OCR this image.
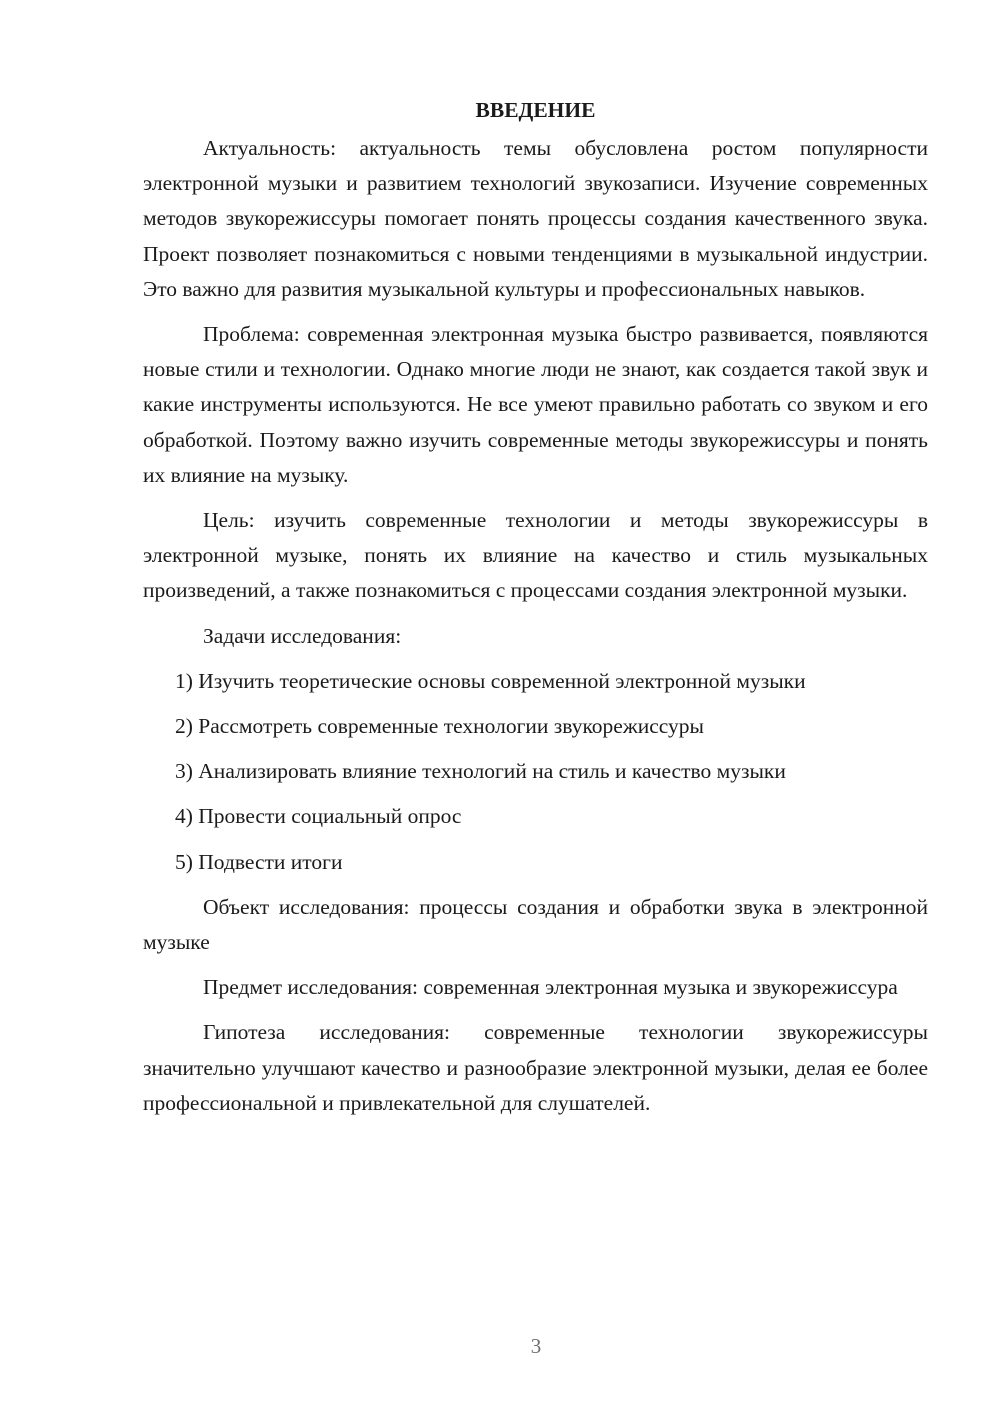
ВВЕДЕНИЕ

Актуальность: актуальность темы обусловлена ростом популярности электронной музыки и развитием технологий звукозаписи. Изучение современных методов звукорежиссуры помогает понять процессы создания качественного звука. Проект позволяет познакомиться с новыми тенденциями в музыкальной индустрии. Это важно для развития музыкальной культуры и профессиональных навыков.

Проблема: современная электронная музыка быстро развивается, появляются новые стили и технологии. Однако многие люди не знают, как создается такой звук и какие инструменты используются. Не все умеют правильно работать со звуком и его обработкой. Поэтому важно изучить современные методы звукорежиссуры и понять их влияние на музыку.

Цель: изучить современные технологии и методы звукорежиссуры в электронной музыке, понять их влияние на качество и стиль музыкальных произведений, а также познакомиться с процессами создания электронной музыки.

Задачи исследования:

1) Изучить теоретические основы современной электронной музыки
2) Рассмотреть современные технологии звукорежиссуры
3) Анализировать влияние технологий на стиль и качество музыки
4) Провести социальный опрос
5) Подвести итоги

Объект исследования: процессы создания и обработки звука в электронной музыке

Предмет исследования: современная электронная музыка и звукорежиссура

Гипотеза исследования: современные технологии звукорежиссуры значительно улучшают качество и разнообразие электронной музыки, делая ее более профессиональной и привлекательной для слушателей.

3
